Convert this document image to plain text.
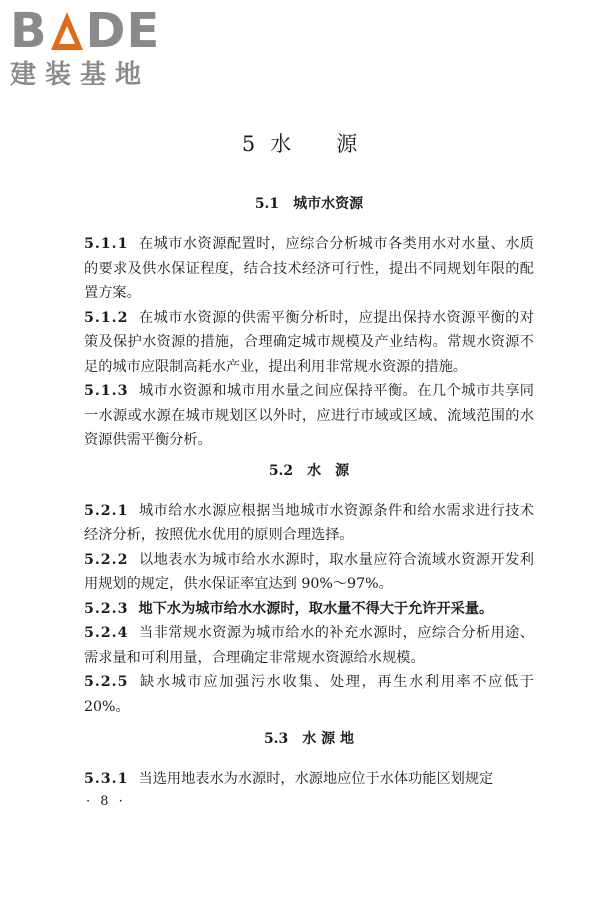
B DE
建装基地
5 水 源
5.1 城市水资源

5.1.1 在城市水资源配置时，应综合分析城市各类用水对水量、水质的要求及供水保证程度，结合技术经济可行性，提出不同规划年限的配置方案。

5.1.2 在城市水资源的供需平衡分析时，应提出保持水资源平衡的对策及保护水资源的措施，合理确定城市规模及产业结构。常规水资源不足的城市应限制高耗水产业，提出利用非常规水资源的措施。

5.1.3 城市水资源和城市用水量之间应保持平衡。在几个城市共享同一水源或水源在城市规划区以外时，应进行市域或区域、流域范围的水资源供需平衡分析。

5.2 水　源

5.2.1 城市给水水源应根据当地城市水资源条件和给水需求进行技术经济分析，按照优水优用的原则合理选择。

5.2.2 以地表水为城市给水水源时，取水量应符合流域水资源开发利用规划的规定，供水保证率宜达到 90%～97%。

5.2.3 地下水为城市给水水源时，取水量不得大于允许开采量。

5.2.4 当非常规水资源为城市给水的补充水源时，应综合分析用途、需求量和可利用量，合理确定非常规水资源给水规模。

5.2.5 缺水城市应加强污水收集、处理，再生水利用率不应低于 20%。

5.3 水 源 地

5.3.1 当选用地表水为水源时，水源地应位于水体功能区划规定

· 8 ·
